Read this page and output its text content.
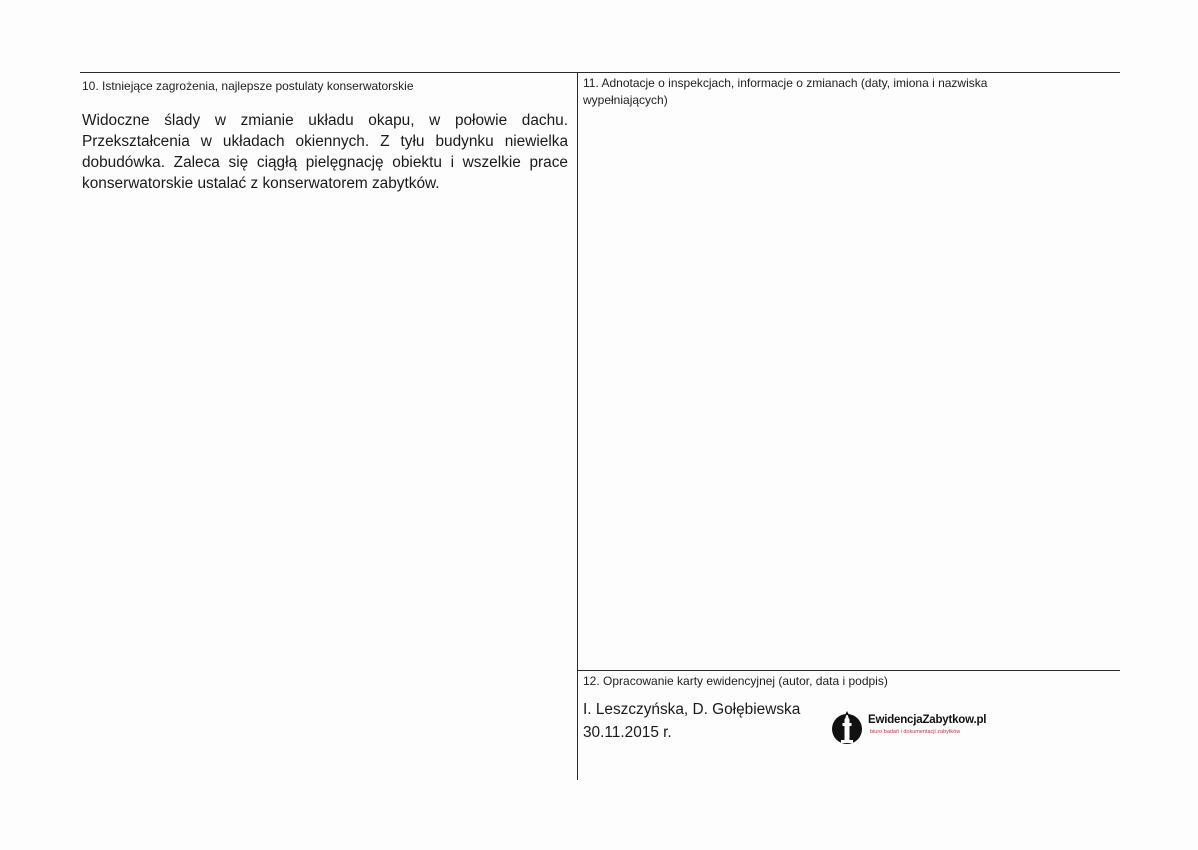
10. Istniejące zagrożenia, najlepsze postulaty konserwatorskie
Widoczne ślady w zmianie układu okapu, w połowie dachu. Przekształcenia w układach okiennych. Z tyłu budynku niewielka dobudówka. Zaleca się ciągłą pielęgnację obiektu i wszelkie prace konserwatorskie ustalać z konserwatorem zabytków.
11. Adnotacje o inspekcjach, informacje o zmianach (daty, imiona i nazwiska wypełniających)
12. Opracowanie karty ewidencyjnej (autor, data i podpis)
I. Leszczyńska, D. Gołębiewska
30.11.2015 r.
EwidencjaZabytkow.pl
biuro badań i dokumentacji zabytków
